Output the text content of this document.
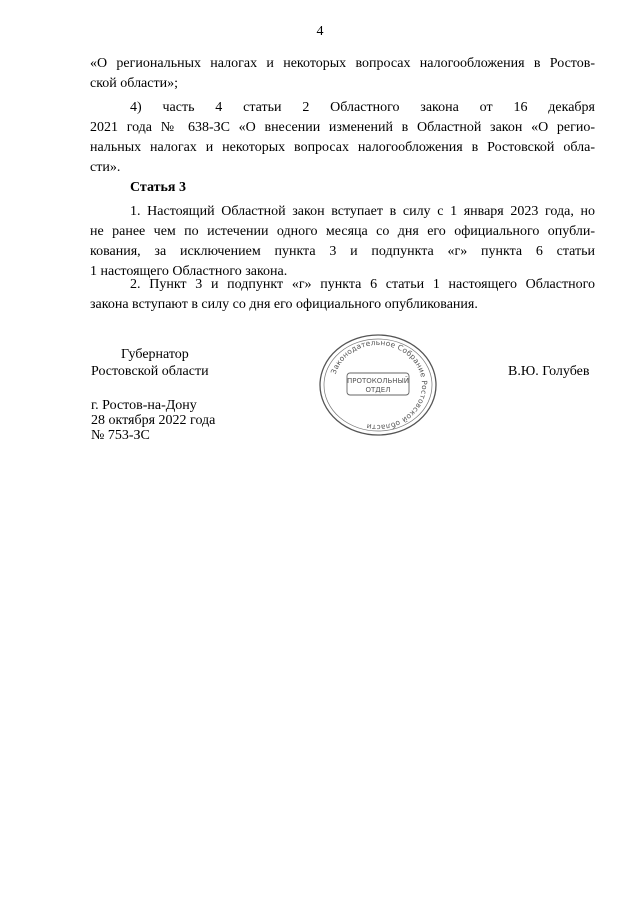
4
«О региональных налогах и некоторых вопросах налогообложения в Ростов-
ской области»;
4) часть 4 статьи 2 Областного закона от 16 декабря
2021 года № 638-ЗС «О внесении изменений в Областной закон «О регио-
нальных налогах и некоторых вопросах налогообложения в Ростовской обла-
сти».
Статья 3
1. Настоящий Областной закон вступает в силу с 1 января 2023 года, но
не ранее чем по истечении одного месяца со дня его официального опубли-
кования, за исключением пункта 3 и подпункта «г» пункта 6 статьи
1 настоящего Областного закона.
2. Пункт 3 и подпункт «г» пункта 6 статьи 1 настоящего Областного
закона вступают в силу со дня его официального опубликования.
Губернатор
Ростовской области	В.Ю. Голубев
Законодательное Собрание Ростовской области
ПРОТОКОЛЬНЫЙ
ОТДЕЛ
г. Ростов-на-Дону
28 октября 2022 года
№ 753-ЗС
